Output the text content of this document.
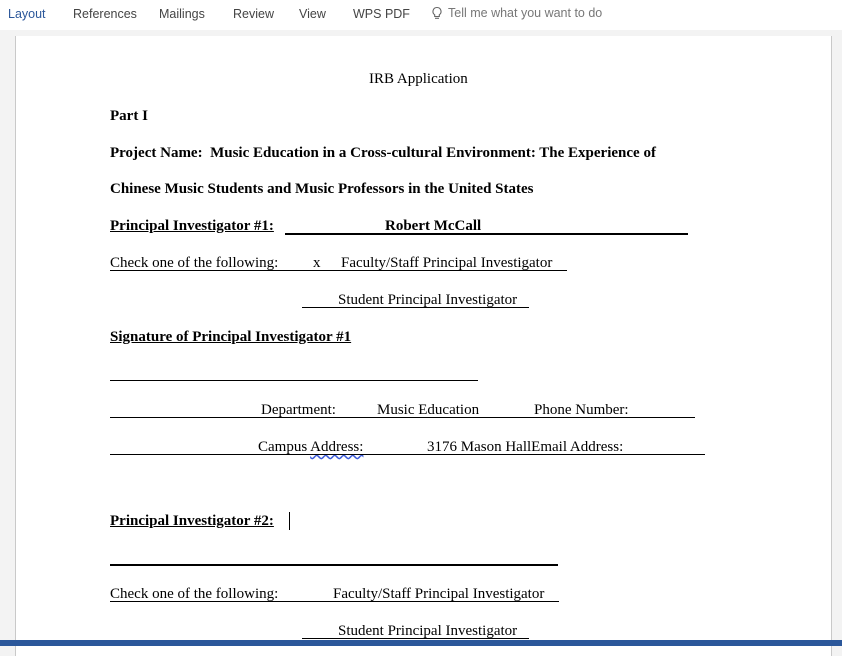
Layout References Mailings Review View WPS PDF	Tell me what you want to do
IRB Application
Part I
Project Name: Music Education in a Cross-cultural Environment: The Experience of
Chinese Music Students and Music Professors in the United States
Principal Investigator #1:	Robert McCall
Check one of the following: x Faculty/Staff Principal Investigator
Student Principal Investigator
Signature of Principal Investigator #1
Department:	Music Education	Phone Number:
Campus Address:	3176 Mason HallEmail Address:
Principal Investigator #2:
Check one of the following:	Faculty/Staff Principal Investigator
Student Principal Investigator
